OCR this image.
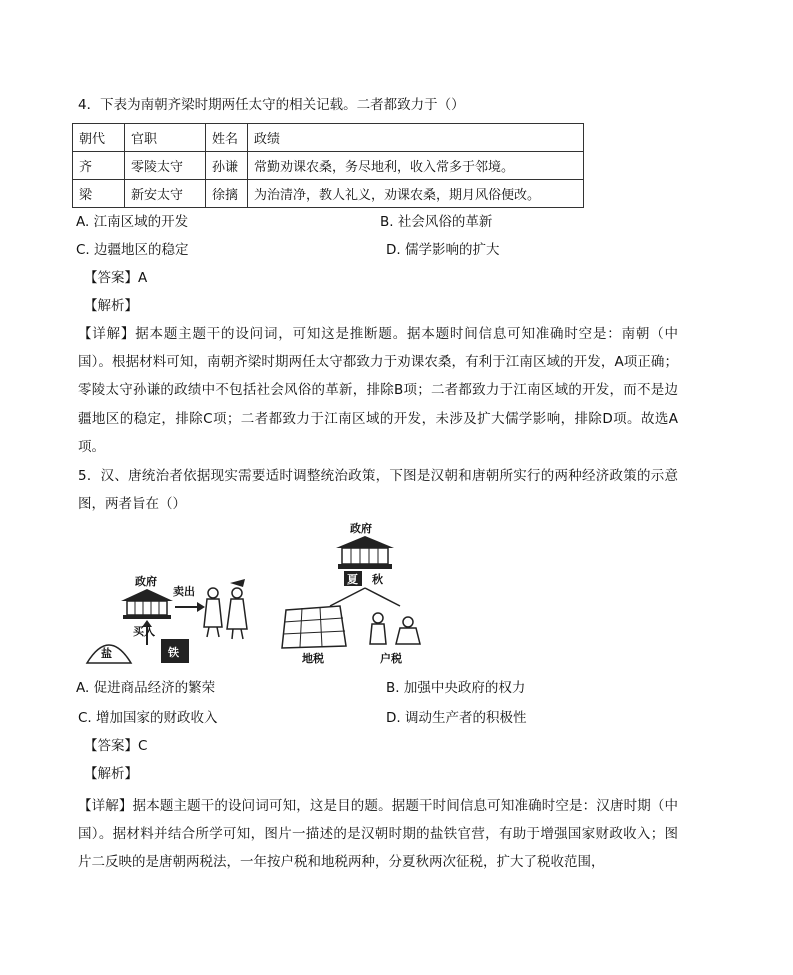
4．下表为南朝齐梁时期两任太守的相关记载。二者都致力于（）
朝代	官职	姓名	政绩
齐	零陵太守	孙谦	常勤劝课农桑，务尽地利，收入常多于邻境。
梁	新安太守	徐摛	为治清净，教人礼义，劝课农桑，期月风俗便改。
A. 江南区域的开发	B. 社会风俗的革新
C. 边疆地区的稳定	D. 儒学影响的扩大
【答案】A
【解析】
【详解】据本题主题干的设问词，可知这是推断题。据本题时间信息可知准确时空是：南朝（中国）。根据材料可知，南朝齐梁时期两任太守都致力于劝课农桑，有利于江南区域的开发，A项正确；零陵太守孙谦的政绩中不包括社会风俗的革新，排除B项；二者都致力于江南区域的开发，而不是边疆地区的稳定，排除C项；二者都致力于江南区域的开发，未涉及扩大儒学影响，排除D项。故选A项。
5．汉、唐统治者依据现实需要适时调整统治政策，下图是汉朝和唐朝所实行的两种经济政策的示意图，两者旨在（）
政府
卖出
买入
盐	铁
政府
夏 秋
地税	户税
A. 促进商品经济的繁荣	B. 加强中央政府的权力
C. 增加国家的财政收入	D. 调动生产者的积极性
【答案】C
【解析】
【详解】据本题主题干的设问词可知，这是目的题。据题干时间信息可知准确时空是：汉唐时期（中国）。据材料并结合所学可知，图片一描述的是汉朝时期的盐铁官营，有助于增强国家财政收入；图片二反映的是唐朝两税法，一年按户税和地税两种，分夏秋两次征税，扩大了税收范围，
